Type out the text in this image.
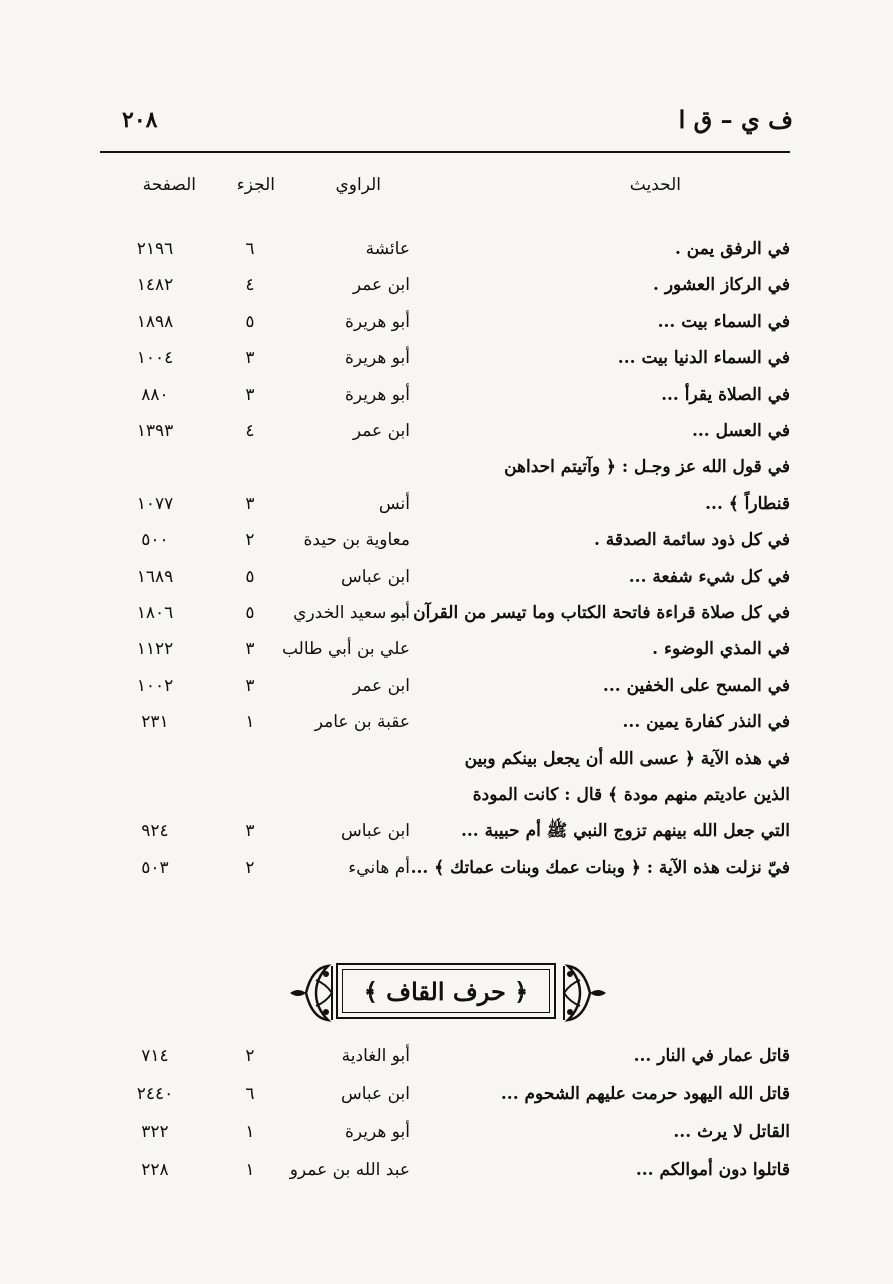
ف ي – ق ا
٢٠٨
الحديث
الراوي
الجزء
الصفحة
في الرفق يمن .
عائشة
٦
٢١٩٦
في الركاز العشور .
ابن عمر
٤
١٤٨٢
في السماء بيت ...
أبو هريرة
٥
١٨٩٨
في السماء الدنيا بيت ...
أبو هريرة
٣
١٠٠٤
في الصلاة يقرأ ...
أبو هريرة
٣
٨٨٠
في العسل ...
ابن عمر
٤
١٣٩٣
في قول الله عز وجـل : ﴿ وآتيتم احداهن
قنطاراً ﴾ ...
أنس
٣
١٠٧٧
في كل ذود سائمة الصدقة .
معاوية بن حيدة
٢
٥٠٠
في كل شيء شفعة ...
ابن عباس
٥
١٦٨٩
في كل صلاة قراءة فاتحة الكتاب وما تيسر من القرآن ...
أبو سعيد الخدري
٥
١٨٠٦
في المذي الوضوء .
علي بن أبي طالب
٣
١١٢٢
في المسح على الخفين ...
ابن عمر
٣
١٠٠٢
في النذر كفارة يمين ...
عقبة بن عامر
١
٢٣١
في هذه الآية ﴿ عسى الله أن يجعل بينكم وبين
الذين عاديتم منهم مودة ﴾ قال : كانت المودة
التي جعل الله بينهم تزوج النبي ﷺ أم حبيبة ...
ابن عباس
٣
٩٢٤
فيّ نزلت هذه الآية : ﴿ وبنات عمك وبنات عماتك ﴾ ...
أم هانيء
٢
٥٠٣
﴿ حرف القاف ﴾
قاتل عمار في النار ...
أبو الغادية
٢
٧١٤
قاتل الله اليهود حرمت عليهم الشحوم ...
ابن عباس
٦
٢٤٤٠
القاتل لا يرث ...
أبو هريرة
١
٣٢٢
قاتلوا دون أموالكم ...
عبد الله بن عمرو
١
٢٢٨
